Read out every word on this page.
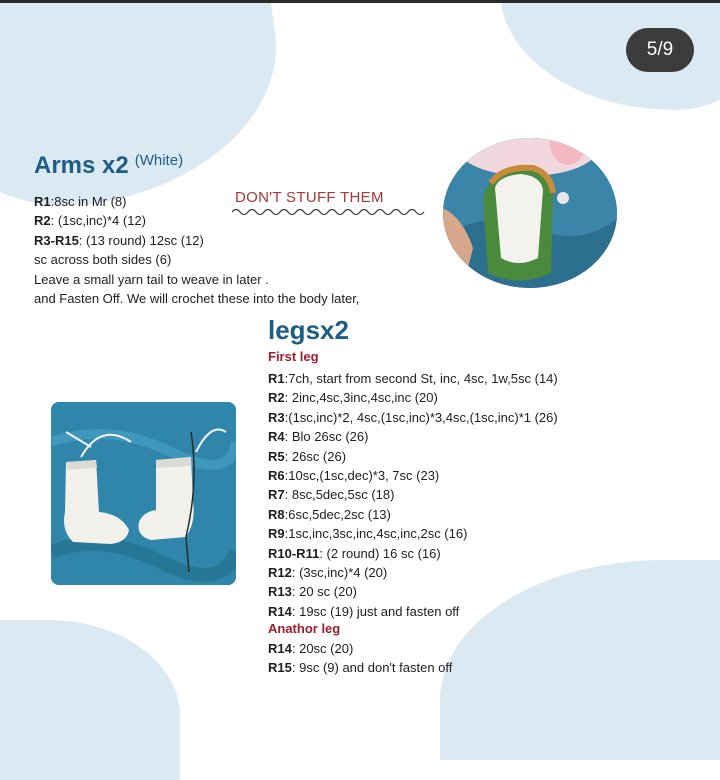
5/9
Arms x2 $^{(White)}$
DON'T STUFF THEM
R1:8sc in Mr (8)
R2: (1sc,inc)*4 (12)
R3-R15: (13 round) 12sc (12)
sc across both sides (6)
Leave a small yarn tail to weave in later .
and Fasten Off. We will crochet these into the body later,
legsx2
First leg
R1:7ch, start from second St, inc, 4sc, 1w,5sc (14)
R2: 2inc,4sc,3inc,4sc,inc (20)
R3:(1sc,inc)*2, 4sc,(1sc,inc)*3,4sc,(1sc,inc)*1 (26)
R4: Blo 26sc (26)
R5: 26sc (26)
R6:10sc,(1sc,dec)*3, 7sc (23)
R7: 8sc,5dec,5sc (18)
R8:6sc,5dec,2sc (13)
R9:1sc,inc,3sc,inc,4sc,inc,2sc (16)
R10-R11: (2 round) 16 sc (16)
R12: (3sc,inc)*4 (20)
R13: 20 sc (20)
R14: 19sc (19) just and fasten off
Anathor leg
R14: 20sc (20)
R15: 9sc (9) and don't fasten off
